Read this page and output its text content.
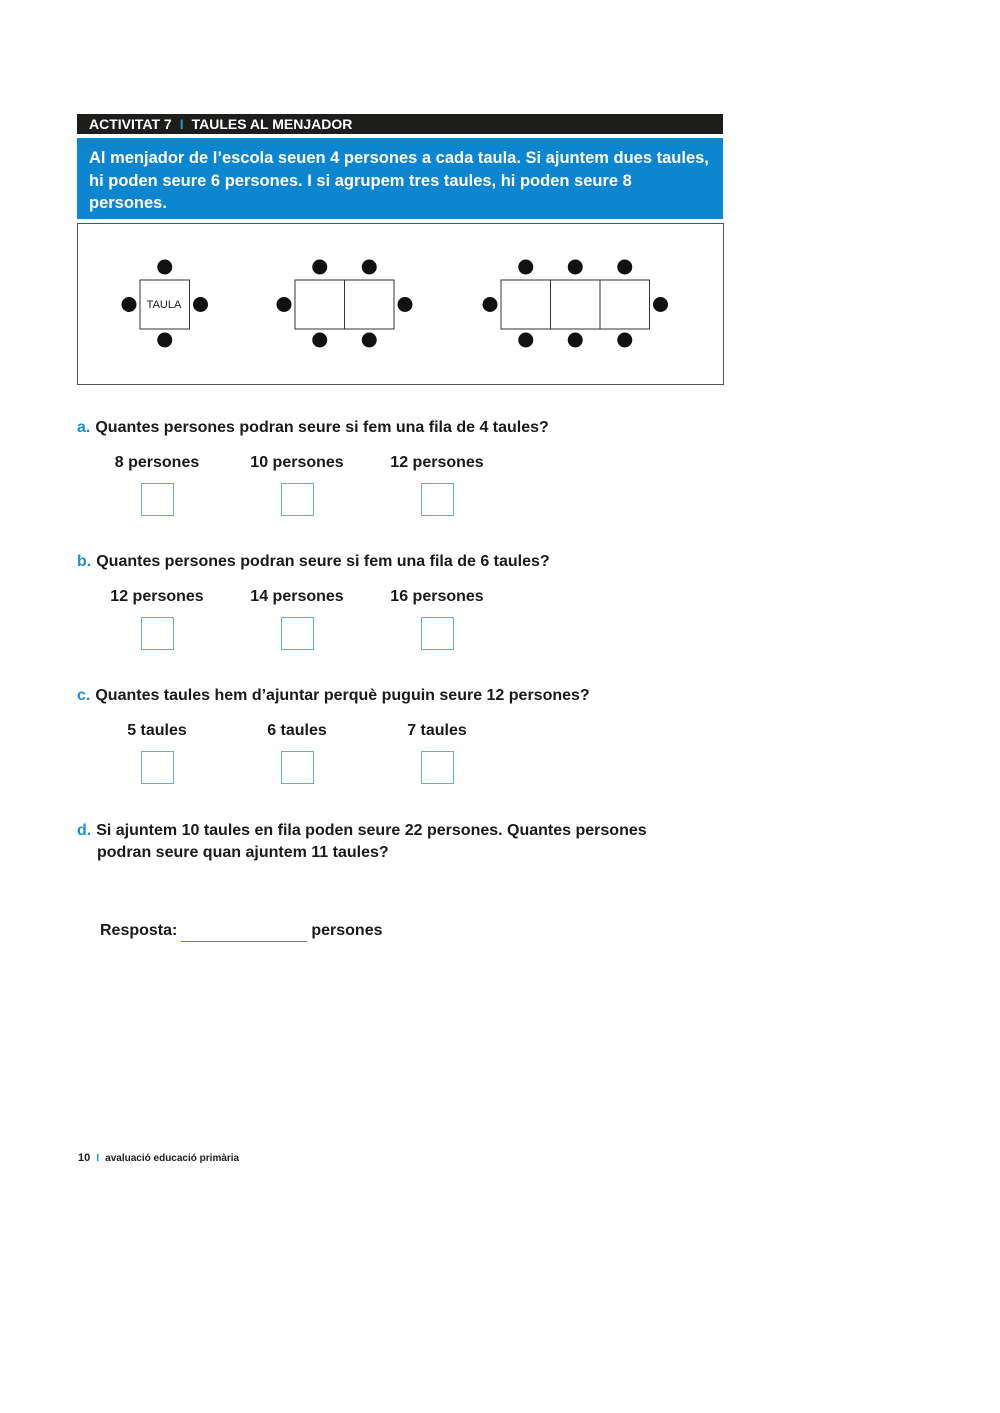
ACTIVITAT 7 I TAULES AL MENJADOR
Al menjador de l’escola seuen 4 persones a cada taula. Si ajuntem dues taules, hi poden seure 6 persones. I si agrupem tres taules, hi poden seure 8 persones.
TAULA
a. Quantes persones podran seure si fem una fila de 4 taules?
8 persones	10 persones	12 persones
b. Quantes persones podran seure si fem una fila de 6 taules?
12 persones	14 persones	16 persones
c. Quantes taules hem d’ajuntar perquè puguin seure 12 persones?
5 taules	6 taules	7 taules
d. Si ajuntem 10 taules en fila poden seure 22 persones. Quantes persones podran seure quan ajuntem 11 taules?
Resposta:	persones
10 I avaluació educació primària
